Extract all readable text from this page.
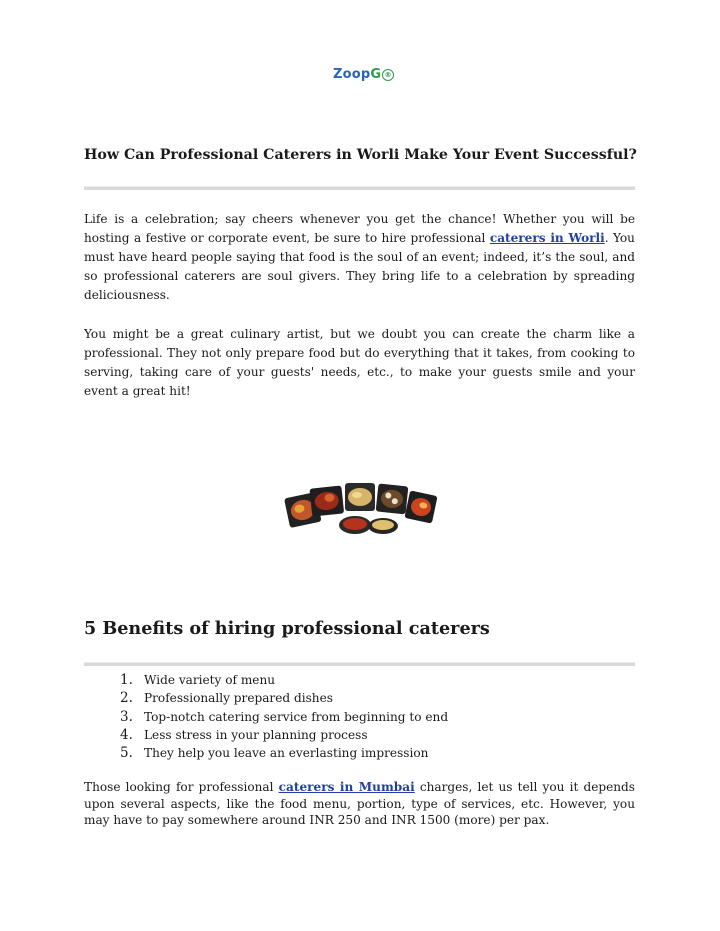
ZoopG ®
How Can Professional Caterers in Worli Make Your Event Successful?

Life is a celebration; say cheers whenever you get the chance! Whether you will be hosting a festive or corporate event, be sure to hire professional caterers in Worli. You must have heard people saying that food is the soul of an event; indeed, it’s the soul, and so professional caterers are soul givers. They bring life to a celebration by spreading deliciousness.

You might be a great culinary artist, but we doubt you can create the charm like a professional. They not only prepare food but do everything that it takes, from cooking to serving, taking care of your guests' needs, etc., to make your guests smile and your event a great hit!

5 Benefits of hiring professional caterers
1. Wide variety of menu
2. Professionally prepared dishes
3. Top-notch catering service from beginning to end
4. Less stress in your planning process
5. They help you leave an everlasting impression

Those looking for professional caterers in Mumbai charges, let us tell you it depends upon several aspects, like the food menu, portion, type of services, etc. However, you may have to pay somewhere around INR 250 and INR 1500 (more) per pax.
